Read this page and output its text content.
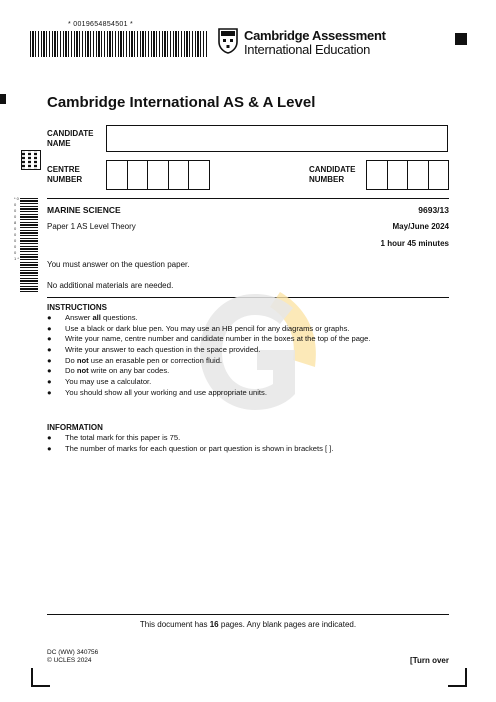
* 0019654854501 *
Cambridge Assessment
International Education
Cambridge International AS & A Level
CANDIDATE
NAME
CENTRE
NUMBER
CANDIDATE
NUMBER
* 0 0 0 0 8 0 0 0 0 0 1 *
MARINE SCIENCE	9693/13
Paper 1 AS Level Theory	May/June 2024
1 hour 45 minutes
You must answer on the question paper.
No additional materials are needed.
INSTRUCTIONS
● Answer all questions.
● Use a black or dark blue pen. You may use an HB pencil for any diagrams or graphs.
● Write your name, centre number and candidate number in the boxes at the top of the page.
● Write your answer to each question in the space provided.
● Do not use an erasable pen or correction fluid.
● Do not write on any bar codes.
● You may use a calculator.
● You should show all your working and use appropriate units.
INFORMATION
● The total mark for this paper is 75.
● The number of marks for each question or part question is shown in brackets [ ].
This document has 16 pages. Any blank pages are indicated.
DC (WW) 340756
© UCLES 2024	[Turn over
